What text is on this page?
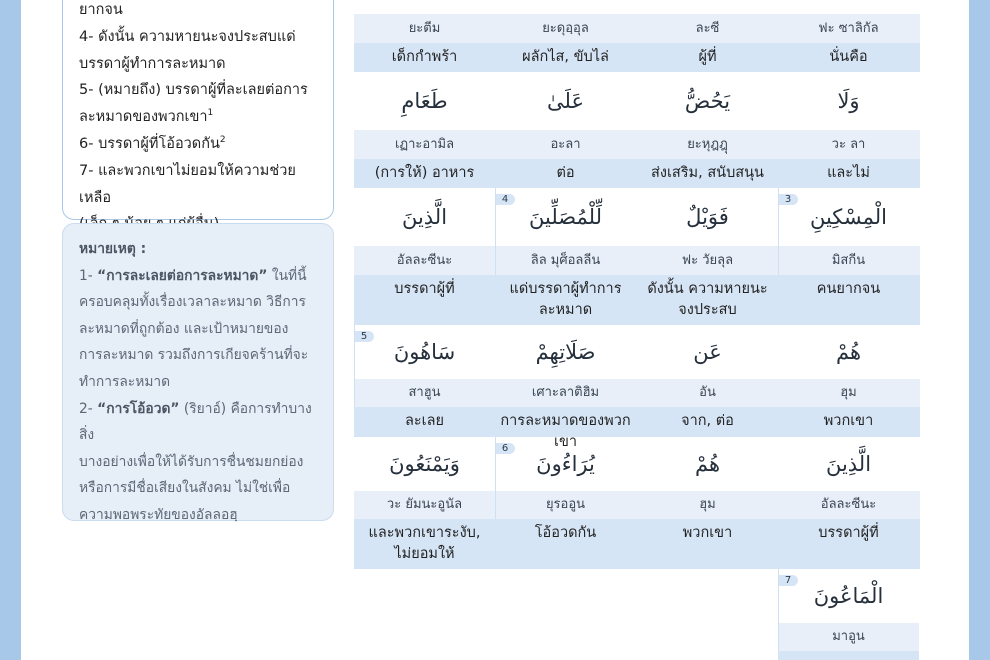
ยากจน

4- ดังนั้น ความหายนะจงประสบแด่

บรรดาผู้ทำการละหมาด

5- (หมายถึง) บรรดาผู้ที่ละเลยต่อการ

ละหมาดของพวกเขา$^1$

6- บรรดาผู้ที่โอ้อวดกัน$^2$

7- และพวกเขาไม่ยอมให้ความช่วยเหลือ

หมายเหตุ :

1- “การละเลยต่อการละหมาด” ในที่นี้

ครอบคลุมทั้งเรื่องเวลาละหมาด วิธีการ

ละหมาดที่ถูกต้อง และเป้าหมายของ

การละหมาด รวมถึงการเกียจคร้านที่จะ

ทำการละหมาด

2- “การโอ้อวด” (ริยาอ์) คือการทำบางสิ่ง

บางอย่างเพื่อให้ได้รับการชื่นชมยกย่อง

หรือการมีชื่อเสียงในสังคม ไม่ใช่เพื่อ

ความพอพระทัยของอัลลอฮฺ

ฟะ ซาลิกัล
นั่นคือ
ละซี
ผู้ที่
ยะดุอฺอุล
ผลักไส, ขับไล่
ยะตีม
เด็กกำพร้า
وَلَا
วะ ลา
และไม่
يَحُضُّ
ยะหุฎฎุ
ส่งเสริม, สนับสนุน
عَلَىٰ
อะลา
ต่อ
طَعَامِ
เฏาะอามิล
(การให้) อาหาร
الْمِسْكِينِ
3
มิสกีน
คนยากจน
فَوَيْلٌ
ฟะ วัยลุล
ดังนั้น ความหายนะ
จงประสบ
لِّلْمُصَلِّينَ
4
ลิล มุศ็อลลีน
แด่บรรดาผู้ทำการ
ละหมาด
الَّذِينَ
อัลละซีนะ
บรรดาผู้ที่
هُمْ
ฮุม
พวกเขา
عَن
อัน
จาก, ต่อ
صَلَاتِهِمْ
เศาะลาติฮิม
การละหมาดของพวกเขา
سَاهُونَ
5
สาฮูน
ละเลย
الَّذِينَ
อัลละซีนะ
บรรดาผู้ที่
هُمْ
ฮุม
พวกเขา
يُرَاءُونَ
6
ยุรออูน
โอ้อวดกัน
وَيَمْنَعُونَ
วะ ยัมนะอูนัล
และพวกเขาระงับ,
ไม่ยอมให้
الْمَاعُونَ
7
มาอูน
